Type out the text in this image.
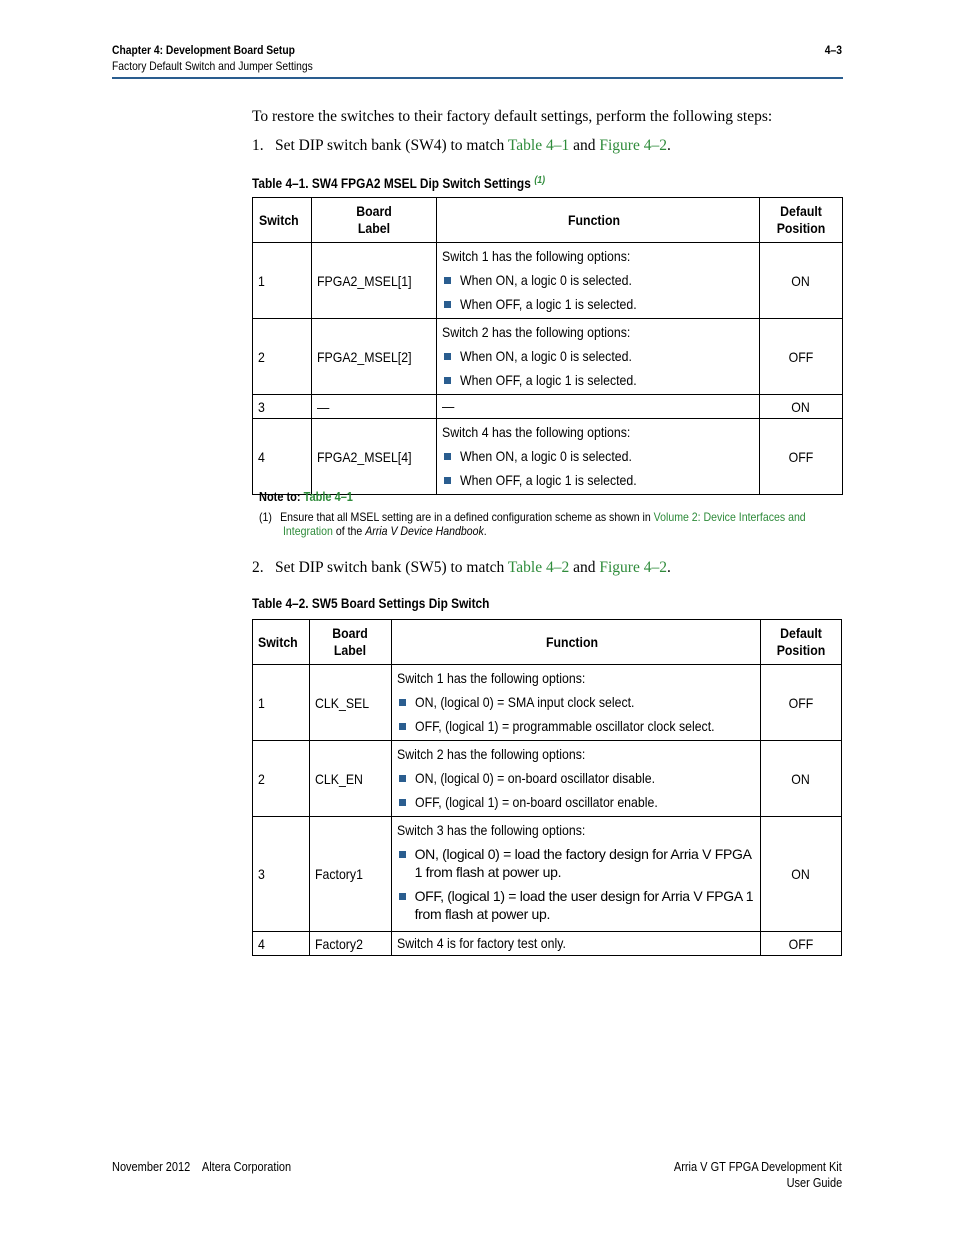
Chapter 4: Development Board Setup
Factory Default Switch and Jumper Settings
4–3
To restore the switches to their factory default settings, perform the following steps:
1. Set DIP switch bank (SW4) to match Table 4–1 and Figure 4–2.
Table 4–1. SW4 FPGA2 MSEL Dip Switch Settings $^{(1)}$
Switch	Board Label	Function	Default Position
1	FPGA2_MSEL[1]	Switch 1 has the following options:
When ON, a logic 0 is selected.
When OFF, a logic 1 is selected.	ON
2	FPGA2_MSEL[2]	Switch 2 has the following options:
When ON, a logic 0 is selected.
When OFF, a logic 1 is selected.	OFF
3	—	—	ON
4	FPGA2_MSEL[4]	Switch 4 has the following options:
When ON, a logic 0 is selected.
When OFF, a logic 1 is selected.	OFF
Note to: Table 4–1
(1) Ensure that all MSEL setting are in a defined configuration scheme as shown in Volume 2: Device Interfaces and
Integration of the Arria V Device Handbook.
2. Set DIP switch bank (SW5) to match Table 4–2 and Figure 4–2.
Table 4–2. SW5 Board Settings Dip Switch
Switch	Board Label	Function	Default Position
1	CLK_SEL	Switch 1 has the following options:
ON, (logical 0) = SMA input clock select.
OFF, (logical 1) = programmable oscillator clock select.	OFF
2	CLK_EN	Switch 2 has the following options:
ON, (logical 0) = on-board oscillator disable.
OFF, (logical 1) = on-board oscillator enable.	ON
3	Factory1	Switch 3 has the following options:
ON, (logical 0) = load the factory design for Arria V FPGA 1 from flash at power up.
OFF, (logical 1) = load the user design for Arria V FPGA 1 from flash at power up.	ON
4	Factory2	Switch 4 is for factory test only.	OFF
November 2012    Altera Corporation	Arria V GT FPGA Development Kit
User Guide
